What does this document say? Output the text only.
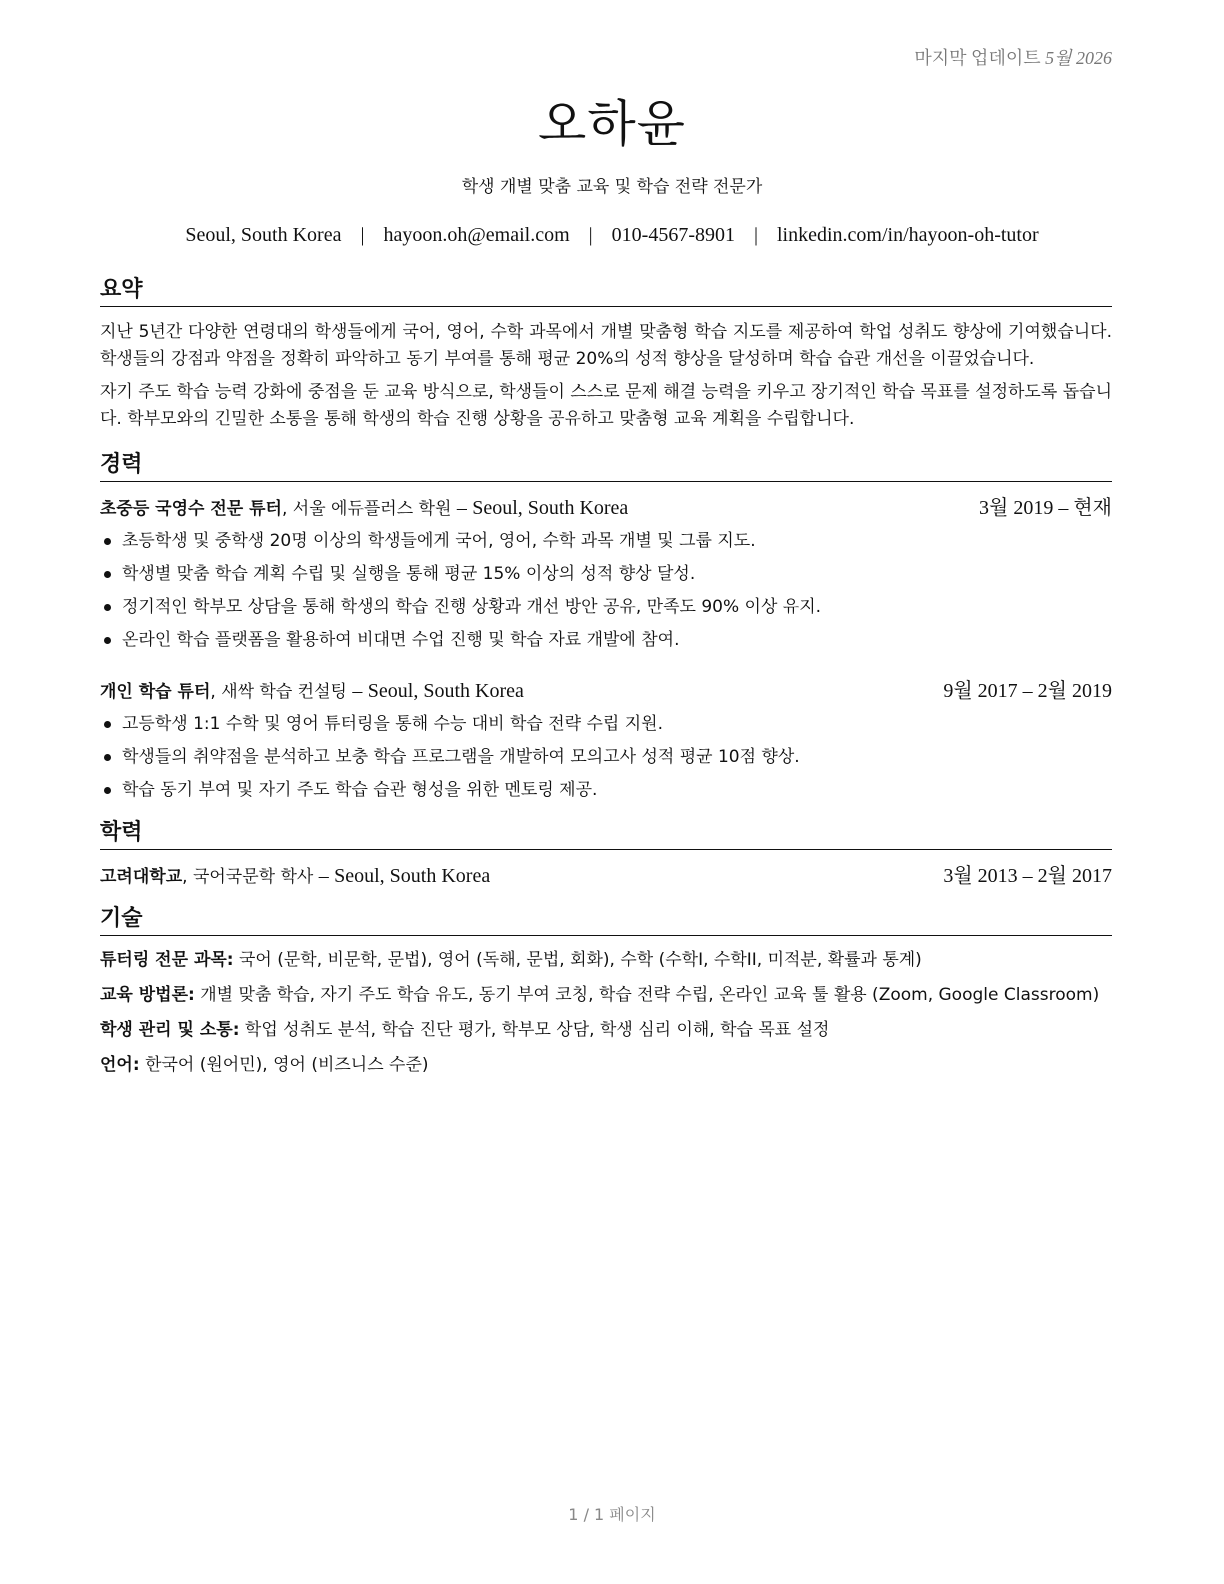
마지막 업데이트 5월 2026
오하윤
학생 개별 맞춤 교육 및 학습 전략 전문가
Seoul, South Korea | hayoon.oh@email.com | 010-4567-8901 | linkedin.com/in/hayoon-oh-tutor
요약

지난 5년간 다양한 연령대의 학생들에게 국어, 영어, 수학 과목에서 개별 맞춤형 학습 지도를 제공하여 학업 성취도 향상에 기여했습니다. 학생들의 강점과 약점을 정확히 파악하고 동기 부여를 통해 평균 20%의 성적 향상을 달성하며 학습 습관 개선을 이끌었습니다.

자기 주도 학습 능력 강화에 중점을 둔 교육 방식으로, 학생들이 스스로 문제 해결 능력을 키우고 장기적인 학습 목표를 설정하도록 돕습니다. 학부모와의 긴밀한 소통을 통해 학생의 학습 진행 상황을 공유하고 맞춤형 교육 계획을 수립합니다.

경력
초중등 국영수 전문 튜터, 서울 에듀플러스 학원 – Seoul, South Korea	3월 2019 – 현재
초등학생 및 중학생 20명 이상의 학생들에게 국어, 영어, 수학 과목 개별 및 그룹 지도.
학생별 맞춤 학습 계획 수립 및 실행을 통해 평균 15% 이상의 성적 향상 달성.
정기적인 학부모 상담을 통해 학생의 학습 진행 상황과 개선 방안 공유, 만족도 90% 이상 유지.
온라인 학습 플랫폼을 활용하여 비대면 수업 진행 및 학습 자료 개발에 참여.
개인 학습 튜터, 새싹 학습 컨설팅 – Seoul, South Korea	9월 2017 – 2월 2019
고등학생 1:1 수학 및 영어 튜터링을 통해 수능 대비 학습 전략 수립 지원.
학생들의 취약점을 분석하고 보충 학습 프로그램을 개발하여 모의고사 성적 평균 10점 향상.
학습 동기 부여 및 자기 주도 학습 습관 형성을 위한 멘토링 제공.
학력
고려대학교, 국어국문학 학사 – Seoul, South Korea	3월 2013 – 2월 2017
기술

튜터링 전문 과목: 국어 (문학, 비문학, 문법), 영어 (독해, 문법, 회화), 수학 (수학I, 수학II, 미적분, 확률과 통계)

교육 방법론: 개별 맞춤 학습, 자기 주도 학습 유도, 동기 부여 코칭, 학습 전략 수립, 온라인 교육 툴 활용 (Zoom, Google Classroom)

학생 관리 및 소통: 학업 성취도 분석, 학습 진단 평가, 학부모 상담, 학생 심리 이해, 학습 목표 설정

언어: 한국어 (원어민), 영어 (비즈니스 수준)

1 / 1 페이지
